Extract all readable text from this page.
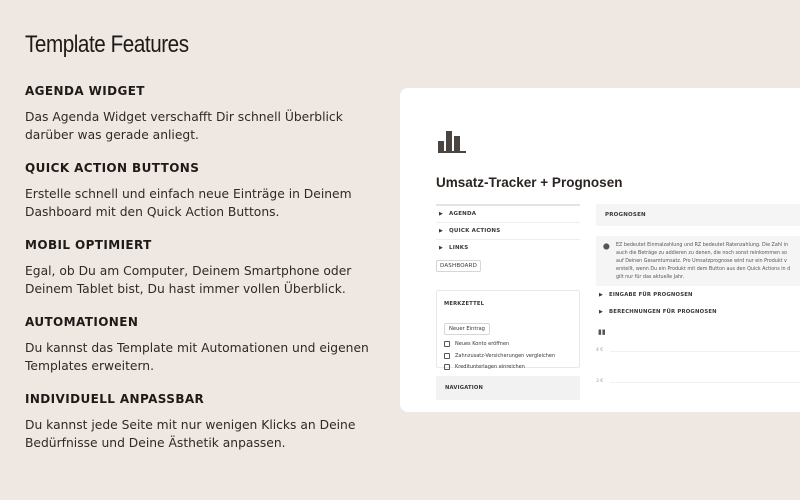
Template Features
AGENDA WIDGET

Das Agenda Widget verschafft Dir schnell Überblick darüber was gerade anliegt.

QUICK ACTION BUTTONS

Erstelle schnell und einfach neue Einträge in Deinem Dashboard mit den Quick Action Buttons.

MOBIL OPTIMIERT

Egal, ob Du am Computer, Deinem Smartphone oder Deinem Tablet bist, Du hast immer vollen Überblick.

AUTOMATIONEN

Du kannst das Template mit Automationen und eigenen Templates erweitern.

INDIVIDUELL ANPASSBAR

Du kannst jede Seite mit nur wenigen Klicks an Deine Bedürfnisse und Deine Ästhetik anpassen.

Umsatz-Tracker + Prognosen
▶ AGENDA
▶ QUICK ACTIONS
▶ LINKS
DASHBOARD
MERKZETTEL
Neuer Eintrag
Neues Konto eröffnen
Zahnzusatz-Versicherungen vergleichen
Kreditunterlagen einreichen
NAVIGATION
PROGNOSEN
⬤ EZ bedeutet Einmalzahlung und RZ bedeutet Ratenzahlung. Die Zahl in
auch die Beträge zu addieren zu denen, die noch sonst reinkommen so
auf Deinen Gesamtumsatz. Pro Umsatzprognose wird nur ein Produkt v
erstellt, wenn Du ein Produkt mit dem Button aus den Quick Actions in d
gilt nur für das aktuelle Jahr.
▶ EINGABE FÜR PROGNOSEN
▶ BERECHNUNGEN FÜR PROGNOSEN
▮▮
4 €
3 €
